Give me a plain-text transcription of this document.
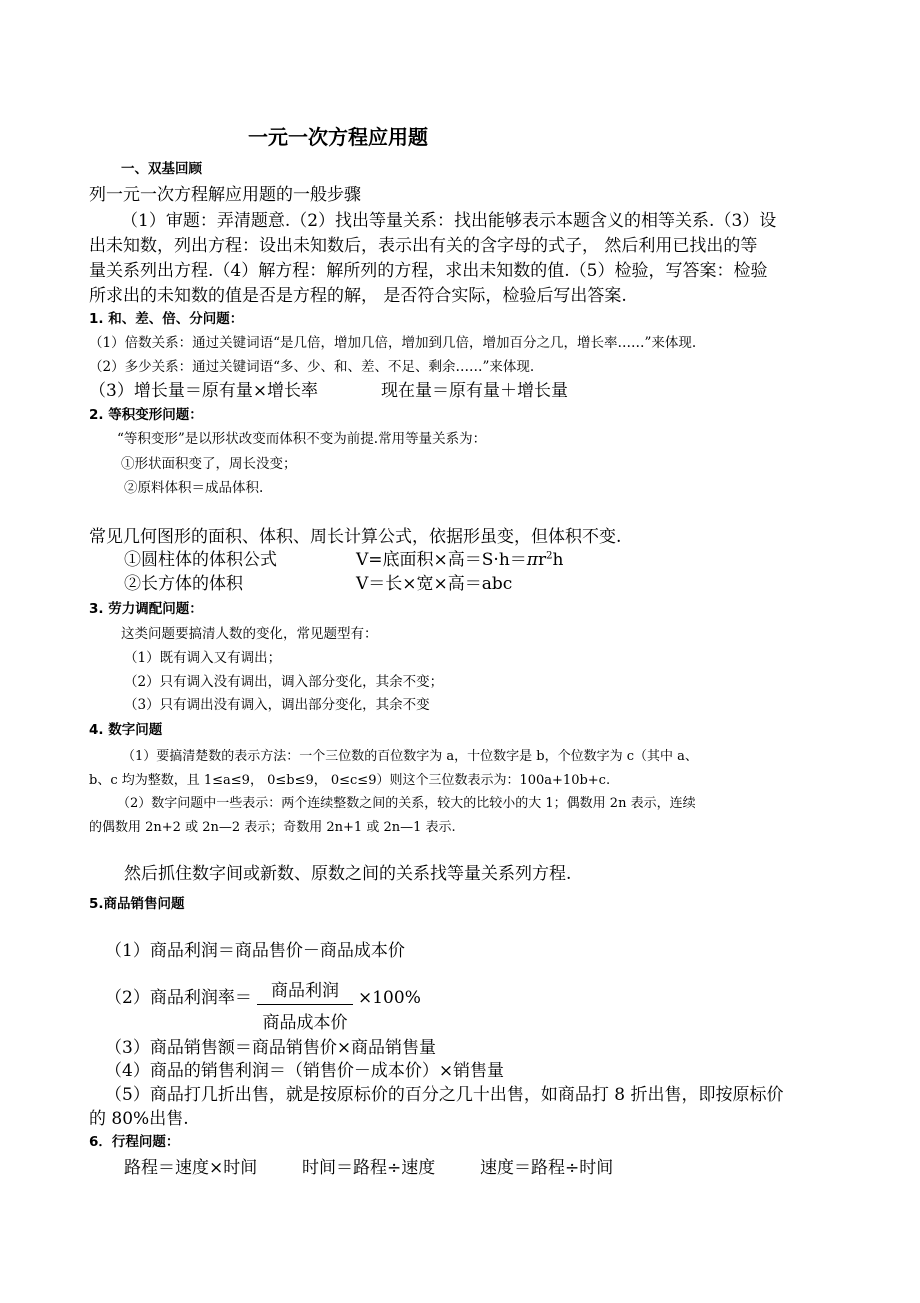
一元一次方程应用题
一、双基回顾
列一元一次方程解应用题的一般步骤
（1）审题：弄清题意.（2）找出等量关系：找出能够表示本题含义的相等关系.（3）设
出未知数，列出方程：设出未知数后，表示出有关的含字母的式子， 然后利用已找出的等
量关系列出方程.（4）解方程：解所列的方程，求出未知数的值.（5）检验，写答案：检验
所求出的未知数的值是否是方程的解， 是否符合实际，检验后写出答案.
1. 和、差、倍、分问题：
（1）倍数关系：通过关键词语“是几倍，增加几倍，增加到几倍，增加百分之几，增长率……”来体现.
（2）多少关系：通过关键词语“多、少、和、差、不足、剩余……”来体现.
（3）增长量＝原有量×增长率	现在量＝原有量＋增长量
2. 等积变形问题：
“等积变形”是以形状改变而体积不变为前提.常用等量关系为：
①形状面积变了，周长没变；
②原料体积＝成品体积.
常见几何图形的面积、体积、周长计算公式，依据形虽变，但体积不变.
①圆柱体的体积公式	V=底面积×高$=S\cdot h=\pi r^2h$
②长方体的体积	V＝长×宽×高＝abc
3. 劳力调配问题：
这类问题要搞清人数的变化，常见题型有：
（1）既有调入又有调出；
（2）只有调入没有调出，调入部分变化，其余不变；
（3）只有调出没有调入，调出部分变化，其余不变
4. 数字问题
（1）要搞清楚数的表示方法：一个三位数的百位数字为 a，十位数字是 b，个位数字为 c（其中 a、
b、c 均为整数，且 1≤a≤9， 0≤b≤9， 0≤c≤9）则这个三位数表示为：100a+10b+c.
（2）数字问题中一些表示：两个连续整数之间的关系，较大的比较小的大 1；偶数用 2n 表示，连续
的偶数用 2n+2 或 2n—2 表示；奇数用 2n+1 或 2n—1 表示.
然后抓住数字间或新数、原数之间的关系找等量关系列方程.
5.商品销售问题
（1）商品利润＝商品售价－商品成本价
（2）商品利润率＝	商品利润
商品成本价
×100%
（3）商品销售额＝商品销售价×商品销售量
（4）商品的销售利润＝（销售价－成本价）×销售量
（5）商品打几折出售，就是按原标价的百分之几十出售，如商品打 8 折出售，即按原标价
的 80%出售.
6．行程问题：
路程＝速度×时间	时间＝路程÷速度	速度＝路程÷时间
